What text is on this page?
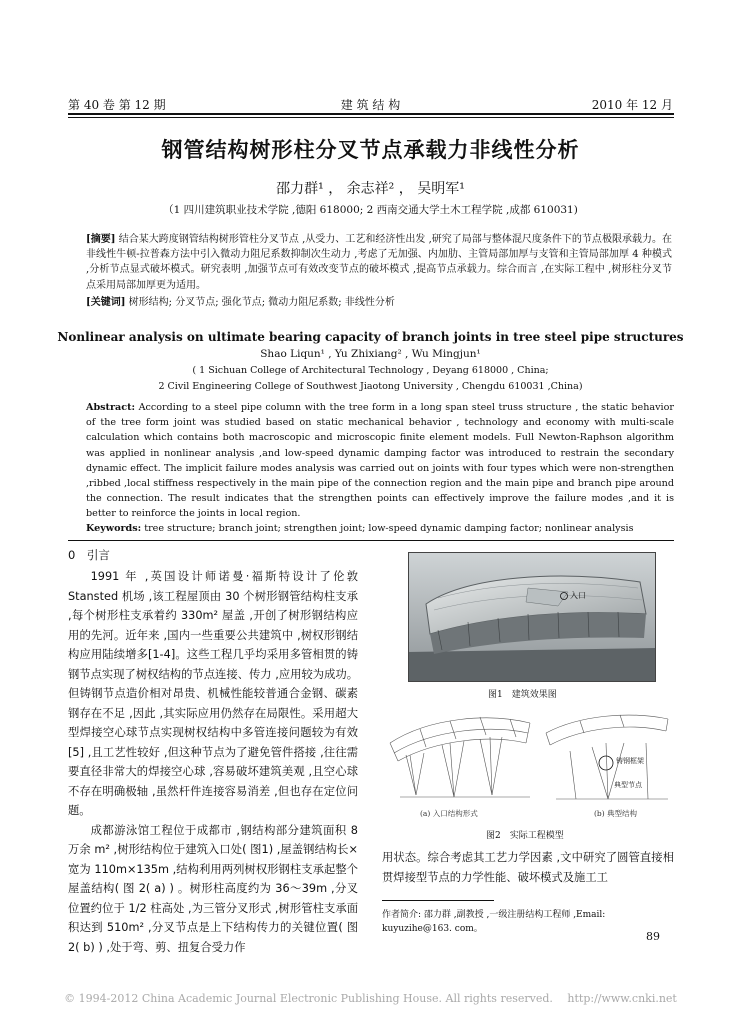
第 40 卷 第 12 期	建 筑 结 构	2010 年 12 月
钢管结构树形柱分叉节点承载力非线性分析
邵力群¹ ， 余志祥² ， 吴明军¹
（1 四川建筑职业技术学院 ,德阳 618000; 2 西南交通大学土木工程学院 ,成都 610031)
[摘要] 结合某大跨度钢管结构树形管柱分叉节点 ,从受力、工艺和经济性出发 ,研究了局部与整体混尺度条件下的节点极限承载力。在非线性牛顿-拉普森方法中引入微动力阻尼系数抑制次生动力 ,考虑了无加强、内加肋、主管局部加厚与支管和主管局部加厚 4 种模式 ,分析节点显式破坏模式。研究表明 ,加强节点可有效改变节点的破坏模式 ,提高节点承载力。综合而言 ,在实际工程中 ,树形柱分叉节点采用局部加厚更为适用。
[关键词] 树形结构; 分叉节点; 强化节点; 微动力阻尼系数; 非线性分析
Nonlinear analysis on ultimate bearing capacity of branch joints in tree steel pipe structures
Shao Liqun¹ , Yu Zhixiang² , Wu Mingjun¹
( 1 Sichuan College of Architectural Technology , Deyang 618000 , China;
2 Civil Engineering College of Southwest Jiaotong University , Chengdu 610031 ,China)
Abstract: According to a steel pipe column with the tree form in a long span steel truss structure , the static behavior of the tree form joint was studied based on static mechanical behavior , technology and economy with multi-scale calculation which contains both macroscopic and microscopic finite element models. Full Newton-Raphson algorithm was applied in nonlinear analysis ,and low-speed dynamic damping factor was introduced to restrain the secondary dynamic effect. The implicit failure modes analysis was carried out on joints with four types which were non-strengthen ,ribbed ,local stiffness respectively in the main pipe of the connection region and the main pipe and branch pipe around the connection. The result indicates that the strengthen points can effectively improve the failure modes ,and it is better to reinforce the joints in local region.
Keywords: tree structure; branch joint; strengthen joint; low-speed dynamic damping factor; nonlinear analysis
0　引言

1991 年 ,英国设计师诺曼·福斯特设计了伦敦 Stansted 机场 ,该工程屋顶由 30 个树形钢管结构柱支承 ,每个树形柱支承着约 330m² 屋盖 ,开创了树形钢结构应用的先河。近年来 ,国内一些重要公共建筑中 ,树权形钢结构应用陆续增多[1-4]。这些工程几乎均采用多管相贯的铸钢节点实现了树权结构的节点连接、传力 ,应用较为成功。但铸钢节点造价相对昂贵、机械性能较普通合金钢、碳素钢存在不足 ,因此 ,其实际应用仍然存在局限性。采用超大型焊接空心球节点实现树权结构中多管连接问题较为有效[5] ,且工艺性较好 ,但这种节点为了避免管件搭接 ,往往需要直径非常大的焊接空心球 ,容易破坏建筑美观 ,且空心球不存在明确极轴 ,虽然杆件连接容易消差 ,但也存在定位问题。

成都游泳馆工程位于成都市 ,钢结构部分建筑面积 8 万余 m² ,树形结构位于建筑入口处( 图1) ,屋盖钢结构长×宽为 110m×135m ,结构利用两列树权形钢柱支承起整个屋盖结构( 图 2( a) ) 。树形柱高度约为 36～39m ,分叉位置约位于 1/2 柱高处 ,为三管分叉形式 ,树形管柱支承面积达到 510m² ,分叉节点是上下结构传力的关键位置( 图 2( b) ) ,处于弯、剪、扭复合受力作

入口
图1　建筑效果图
典型节点
铸钢框架
(a) 入口结构形式	(b) 典型结构
图2　实际工程模型
用状态。综合考虑其工艺力学因素 ,文中研究了圆管直接相贯焊接型节点的力学性能、破坏模式及施工工
作者简介: 邵力群 ,副教授 ,一级注册结构工程师 ,Email: kuyuzihe@163. com。
89
© 1994-2012 China Academic Journal Electronic Publishing House. All rights reserved.　 http://www.cnki.net
